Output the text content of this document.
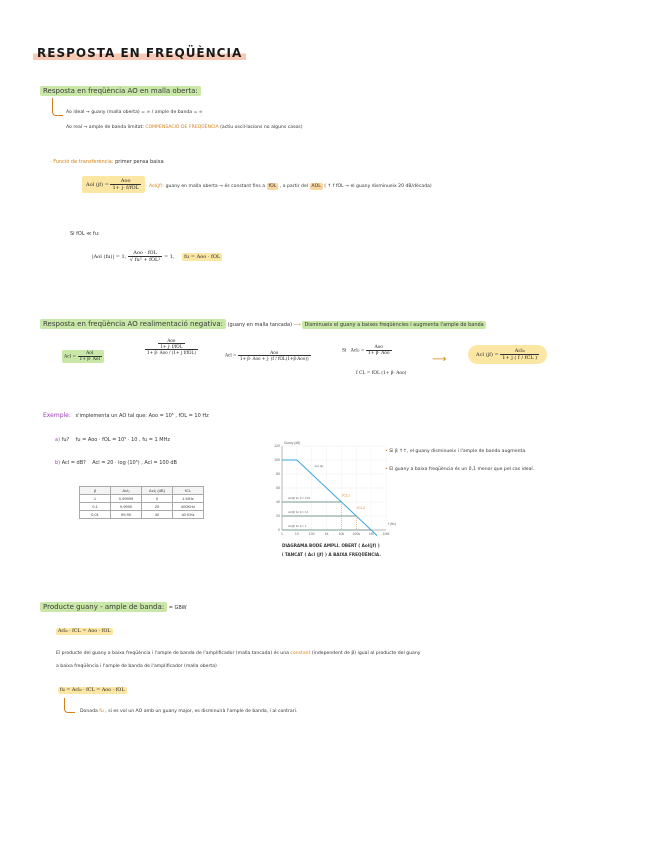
RESPOSTA EN FREQÜÈNCIA
Resposta en freqüència AO en malla oberta:
Ao ideal → guany (malla oberta) = ∞ / ample de banda = ∞
Ao real → ample de banda limitat: COMPENSACIÓ DE FREQÜÈNCIA (actiu oscil·lacions no alguns casos)
· Funció de transferència: primer pensa baixa
Aol $(jf) = \frac{\text{Aoo}}{\text{1+ j· f/fOL}} \cdot Aol(jf)$: guany en malla oberta → és constant fins a fOL , a partir del AOL ( ↑ f fOL → el guany disminueix 20 dB/dècada)
Si fOL ≪ fu:
|Aol (fu)| = 1, $\frac{\text{Aoo · fOL}}{\text{√ fu² + fOL²}} = 1$, fu = Aoo · fOL
Resposta en freqüència AO realimentació negativa: (guany en malla tancada) ⟶ Disminueix el guany a baixes freqüències i augmenta l'ample de banda
Acl = $\frac{\text{Aol}}{\text{1+ β· Aol}}$
$\frac{\frac{\text{Aoo}}{\text{1+ j· f/fOL}}}{\text{1+ β· Aoo / (1+ j f/fOL)}}$	Acl = $\frac{\text{Aoo}}{\text{1+ β· Aoo + j· (f / fOL(1+β·Aoo))}}$	Si $Acl_0 = \frac{\text{Aoo}}{\text{1+ β· Aoo}}$
f CL = fOL (1+ β· Aoo)
⟶	Acl $(jf) = \frac{\text{Acl₀}}{\text{1+ j ( f / fCL )}}$
Exemple: s'implementa un AO tal que: Aoo = 10⁵ , fOL = 10 Hz
a) fu? fu = Aoo · fOL = 10⁵ · 10 , fu = 1 MHz
b) Acl = dB? Acl = 20 · log (10⁵) , Acl = 100 dB
β	Acl₀	Acl₀ (dB)	fCL
1	0.99999	0	1 MHz
0,1	9,9990	20	400KHz
0,01	99,90	40	40 KHz
120
100
80
60
40
20
0
1	10	100	1k	10k 100k 1M	10M
Guany (dB)
f (Hz)
Aol (jf)
Acl(jf) for β = 0,01
Acl(jf) for β = 0,1
Acl(jf) for β = 1
fCL1
fCL2
DIAGRAMA BODE AMPLI. OBERT ( Aol(jf) )
i TANCAT ( Acl (jf) ) A BAIXA FREQÜÈNCIA.
• Si β ↑↑, el guany disminueix i l'ample de banda augmenta.
• El guany a baixa freqüència és un 0,1 menor que pel cas ideal.
Producte guany - ample de banda: = GBW
Acl₀ · fCL = Aoo · fOL
El producte del guany a baixa freqüència i l'ample de banda de l'amplificador (malla tancada) és una constant (independent de β) igual al producte del guany
a baixa freqüència i l'ample de banda de l'amplificador (malla oberta)
fu = Acl₀ · fCL = Aoo · fOL
Donada fu , si es vol un AO amb un guany major, es disminuirà l'ample de banda, i al contrari.
